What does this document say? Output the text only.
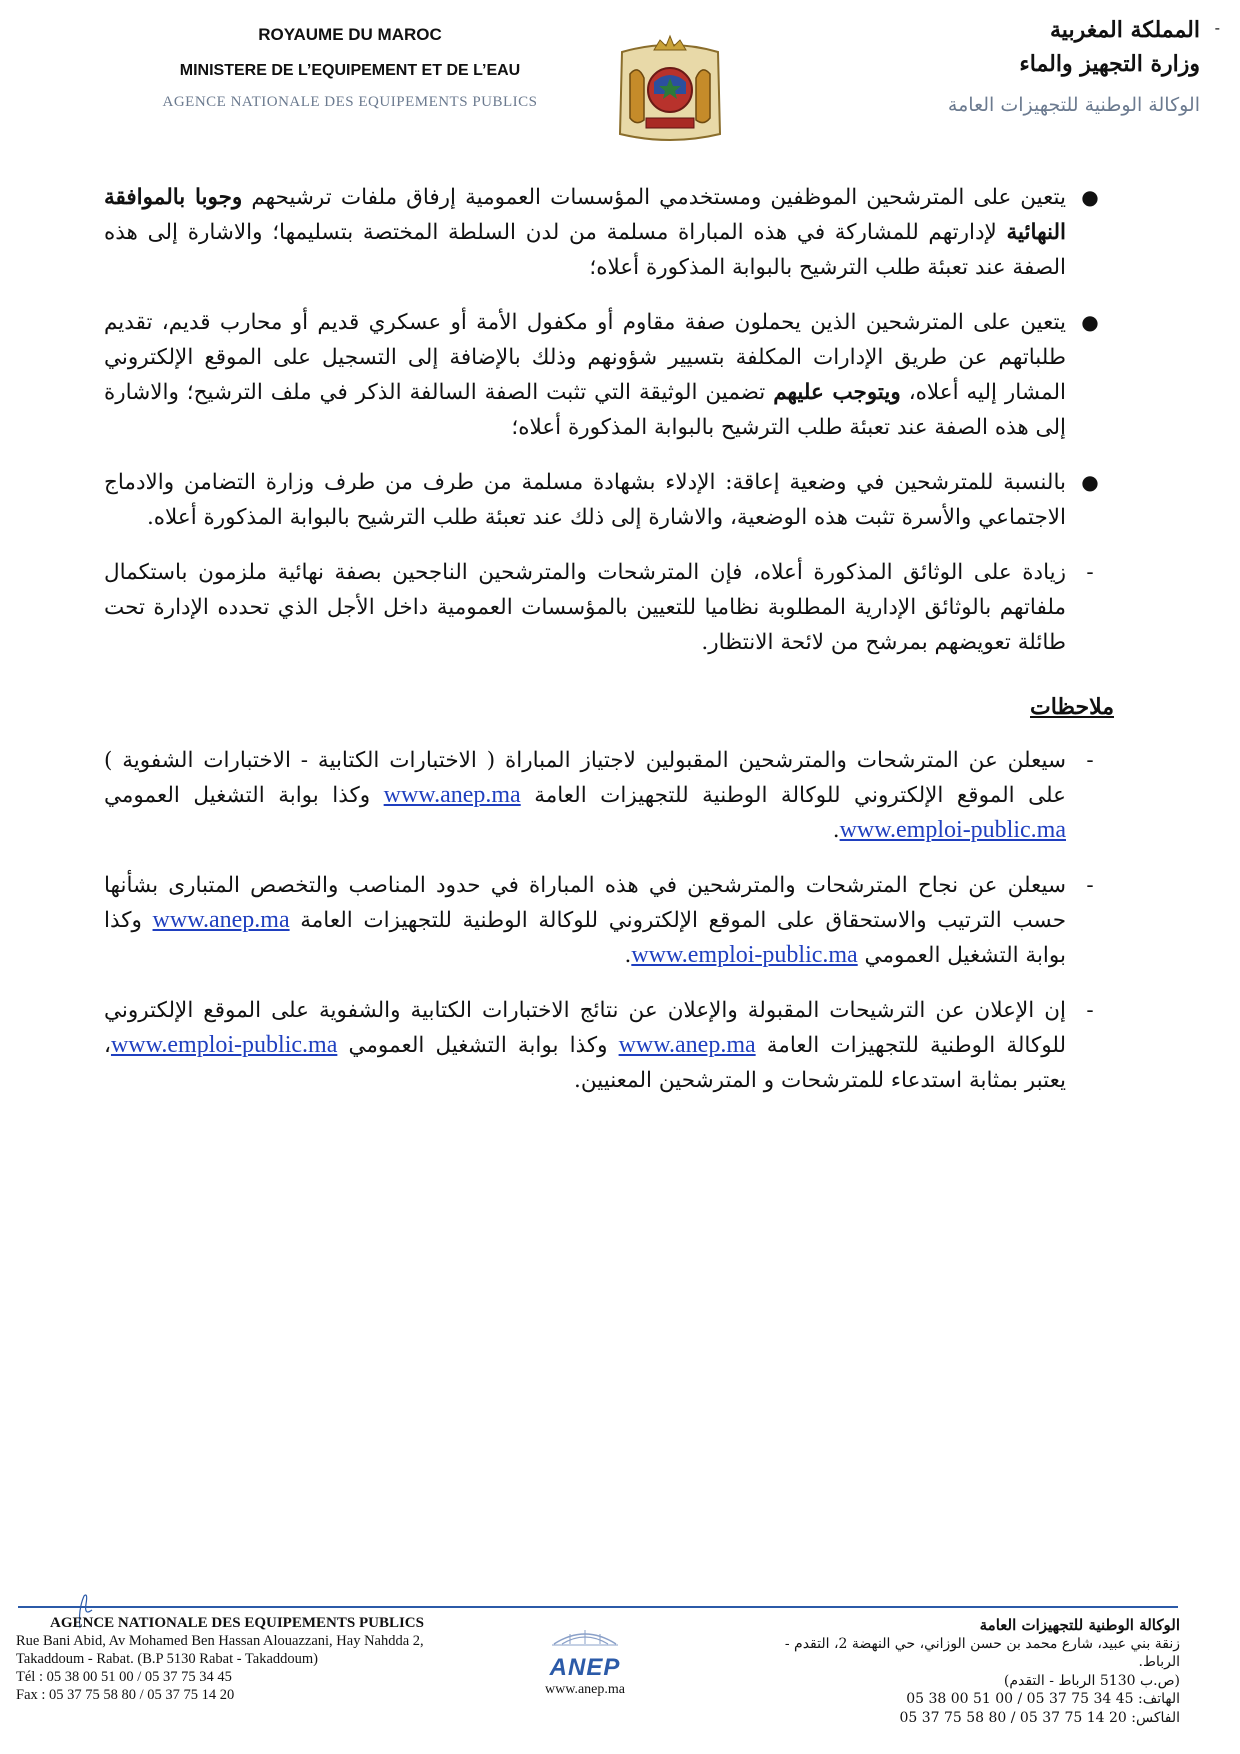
ROYAUME DU MAROC
MINISTERE DE L’EQUIPEMENT ET DE L’EAU
AGENCE NATIONALE DES EQUIPEMENTS PUBLICS
-
المملكة المغربية
وزارة التجهيز والماء
الوكالة الوطنية للتجهيزات العامة
●
يتعين على المترشحين الموظفين ومستخدمي المؤسسات العمومية إرفاق ملفات ترشيحهم وجوبا بالموافقة النهائية لإدارتهم للمشاركة في هذه المباراة مسلمة من لدن السلطة المختصة بتسليمها؛ والاشارة إلى هذه الصفة عند تعبئة طلب الترشيح بالبوابة المذكورة أعلاه؛
●
يتعين على المترشحين الذين يحملون صفة مقاوم أو مكفول الأمة أو عسكري قديم أو محارب قديم، تقديم طلباتهم عن طريق الإدارات المكلفة بتسيير شؤونهم وذلك بالإضافة إلى التسجيل على الموقع الإلكتروني المشار إليه أعلاه، ويتوجب عليهم تضمين الوثيقة التي تثبت الصفة السالفة الذكر في ملف الترشيح؛ والاشارة إلى هذه الصفة عند تعبئة طلب الترشيح بالبوابة المذكورة أعلاه؛
●
بالنسبة للمترشحين في وضعية إعاقة: الإدلاء بشهادة مسلمة من طرف من طرف وزارة التضامن والادماج الاجتماعي والأسرة تثبت هذه الوضعية، والاشارة إلى ذلك عند تعبئة طلب الترشيح بالبوابة المذكورة أعلاه.
-
زيادة على الوثائق المذكورة أعلاه، فإن المترشحات والمترشحين الناجحين بصفة نهائية ملزمون باستكمال ملفاتهم بالوثائق الإدارية المطلوبة نظاميا للتعيين بالمؤسسات العمومية داخل الأجل الذي تحدده الإدارة تحت طائلة تعويضهم بمرشح من لائحة الانتظار.
ملاحظات
-
سيعلن عن المترشحات والمترشحين المقبولين لاجتياز المباراة ( الاختبارات الكتابية - الاختبارات الشفوية ) على الموقع الإلكتروني للوكالة الوطنية للتجهيزات العامة www.anep.ma وكذا بوابة التشغيل العمومي www.emploi-public.ma.
-
سيعلن عن نجاح المترشحات والمترشحين في هذه المباراة في حدود المناصب والتخصص المتبارى بشأنها حسب الترتيب والاستحقاق على الموقع الإلكتروني للوكالة الوطنية للتجهيزات العامة www.anep.ma وكذا بوابة التشغيل العمومي www.emploi-public.ma.
-
إن الإعلان عن الترشيحات المقبولة والإعلان عن نتائج الاختبارات الكتابية والشفوية على الموقع الإلكتروني للوكالة الوطنية للتجهيزات العامة www.anep.ma وكذا بوابة التشغيل العمومي www.emploi-public.ma، يعتبر بمثابة استدعاء للمترشحات و المترشحين المعنيين.
AGENCE NATIONALE DES EQUIPEMENTS PUBLICS
Rue Bani Abid, Av Mohamed Ben Hassan Alouazzani, Hay Nahdda 2,
Takaddoum - Rabat. (B.P 5130 Rabat - Takaddoum)
Tél : 05 38 00 51 00 / 05 37 75 34 45
Fax : 05 37 75 58 80 / 05 37 75 14 20
ANEP
www.anep.ma
الوكالة الوطنية للتجهيزات العامة
زنقة بني عبيد، شارع محمد بن حسن الوزاني، حي النهضة 2، التقدم - الرباط.
(ص.ب 5130 الرباط - التقدم)
الهاتف: 05 38 00 51 00 / 05 37 75 34 45
الفاكس: 05 37 75 58 80 / 05 37 75 14 20
